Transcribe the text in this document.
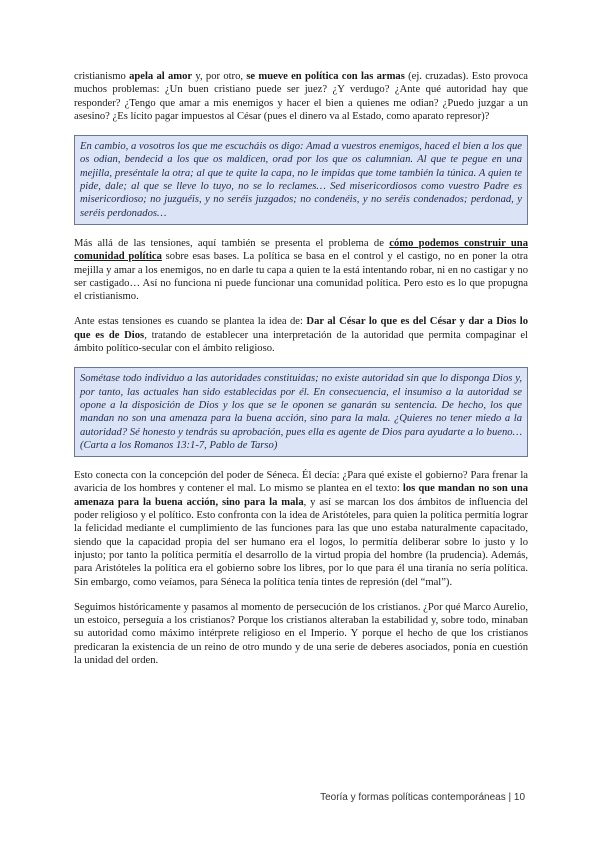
cristianismo apela al amor y, por otro, se mueve en política con las armas (ej. cruzadas). Esto provoca muchos problemas: ¿Un buen cristiano puede ser juez? ¿Y verdugo? ¿Ante qué autoridad hay que responder? ¿Tengo que amar a mis enemigos y hacer el bien a quienes me odian? ¿Puedo juzgar a un asesino? ¿Es lícito pagar impuestos al César (pues el dinero va al Estado, como aparato represor)?

En cambio, a vosotros los que me escucháis os digo: Amad a vuestros enemigos, haced el bien a los que os odian, bendecid a los que os maldicen, orad por los que os calumnian. Al que te pegue en una mejilla, preséntale la otra; al que te quite la capa, no le impidas que tome también la túnica. A quien te pide, dale; al que se lleve lo tuyo, no se lo reclames… Sed misericordiosos como vuestro Padre es misericordioso; no juzguéis, y no seréis juzgados; no condenéis, y no seréis condenados; perdonad, y seréis perdonados…

Más allá de las tensiones, aquí también se presenta el problema de cómo podemos construir una comunidad política sobre esas bases. La política se basa en el control y el castigo, no en poner la otra mejilla y amar a los enemigos, no en darle tu capa a quien te la está intentando robar, ni en no castigar y no ser castigado… Así no funciona ni puede funcionar una comunidad política. Pero esto es lo que propugna el cristianismo.

Ante estas tensiones es cuando se plantea la idea de: Dar al César lo que es del César y dar a Dios lo que es de Dios, tratando de establecer una interpretación de la autoridad que permita compaginar el ámbito político-secular con el ámbito religioso.

Sométase todo individuo a las autoridades constituidas; no existe autoridad sin que lo disponga Dios y, por tanto, las actuales han sido establecidas por él. En consecuencia, el insumiso a la autoridad se opone a la disposición de Dios y los que se le oponen se ganarán su sentencia. De hecho, los que mandan no son una amenaza para la buena acción, sino para la mala. ¿Quieres no tener miedo a la autoridad? Sé honesto y tendrás su aprobación, pues ella es agente de Dios para ayudarte a lo bueno… (Carta a los Romanos 13:1-7, Pablo de Tarso)

Esto conecta con la concepción del poder de Séneca. Él decía: ¿Para qué existe el gobierno? Para frenar la avaricia de los hombres y contener el mal. Lo mismo se plantea en el texto: los que mandan no son una amenaza para la buena acción, sino para la mala, y así se marcan los dos ámbitos de influencia del poder religioso y el político. Esto confronta con la idea de Aristóteles, para quien la política permitía lograr la felicidad mediante el cumplimiento de las funciones para las que uno estaba naturalmente capacitado, siendo que la capacidad propia del ser humano era el logos, lo permitía deliberar sobre lo justo y lo injusto; por tanto la política permitía el desarrollo de la virtud propia del hombre (la prudencia). Además, para Aristóteles la política era el gobierno sobre los libres, por lo que para él una tiranía no sería política. Sin embargo, como veíamos, para Séneca la política tenía tintes de represión (del “mal”).

Seguimos históricamente y pasamos al momento de persecución de los cristianos. ¿Por qué Marco Aurelio, un estoico, perseguía a los cristianos? Porque los cristianos alteraban la estabilidad y, sobre todo, minaban su autoridad como máximo intérprete religioso en el Imperio. Y porque el hecho de que los cristianos predicaran la existencia de un reino de otro mundo y de una serie de deberes asociados, ponía en cuestión la unidad del orden.

Teoría y formas políticas contemporáneas | 10
